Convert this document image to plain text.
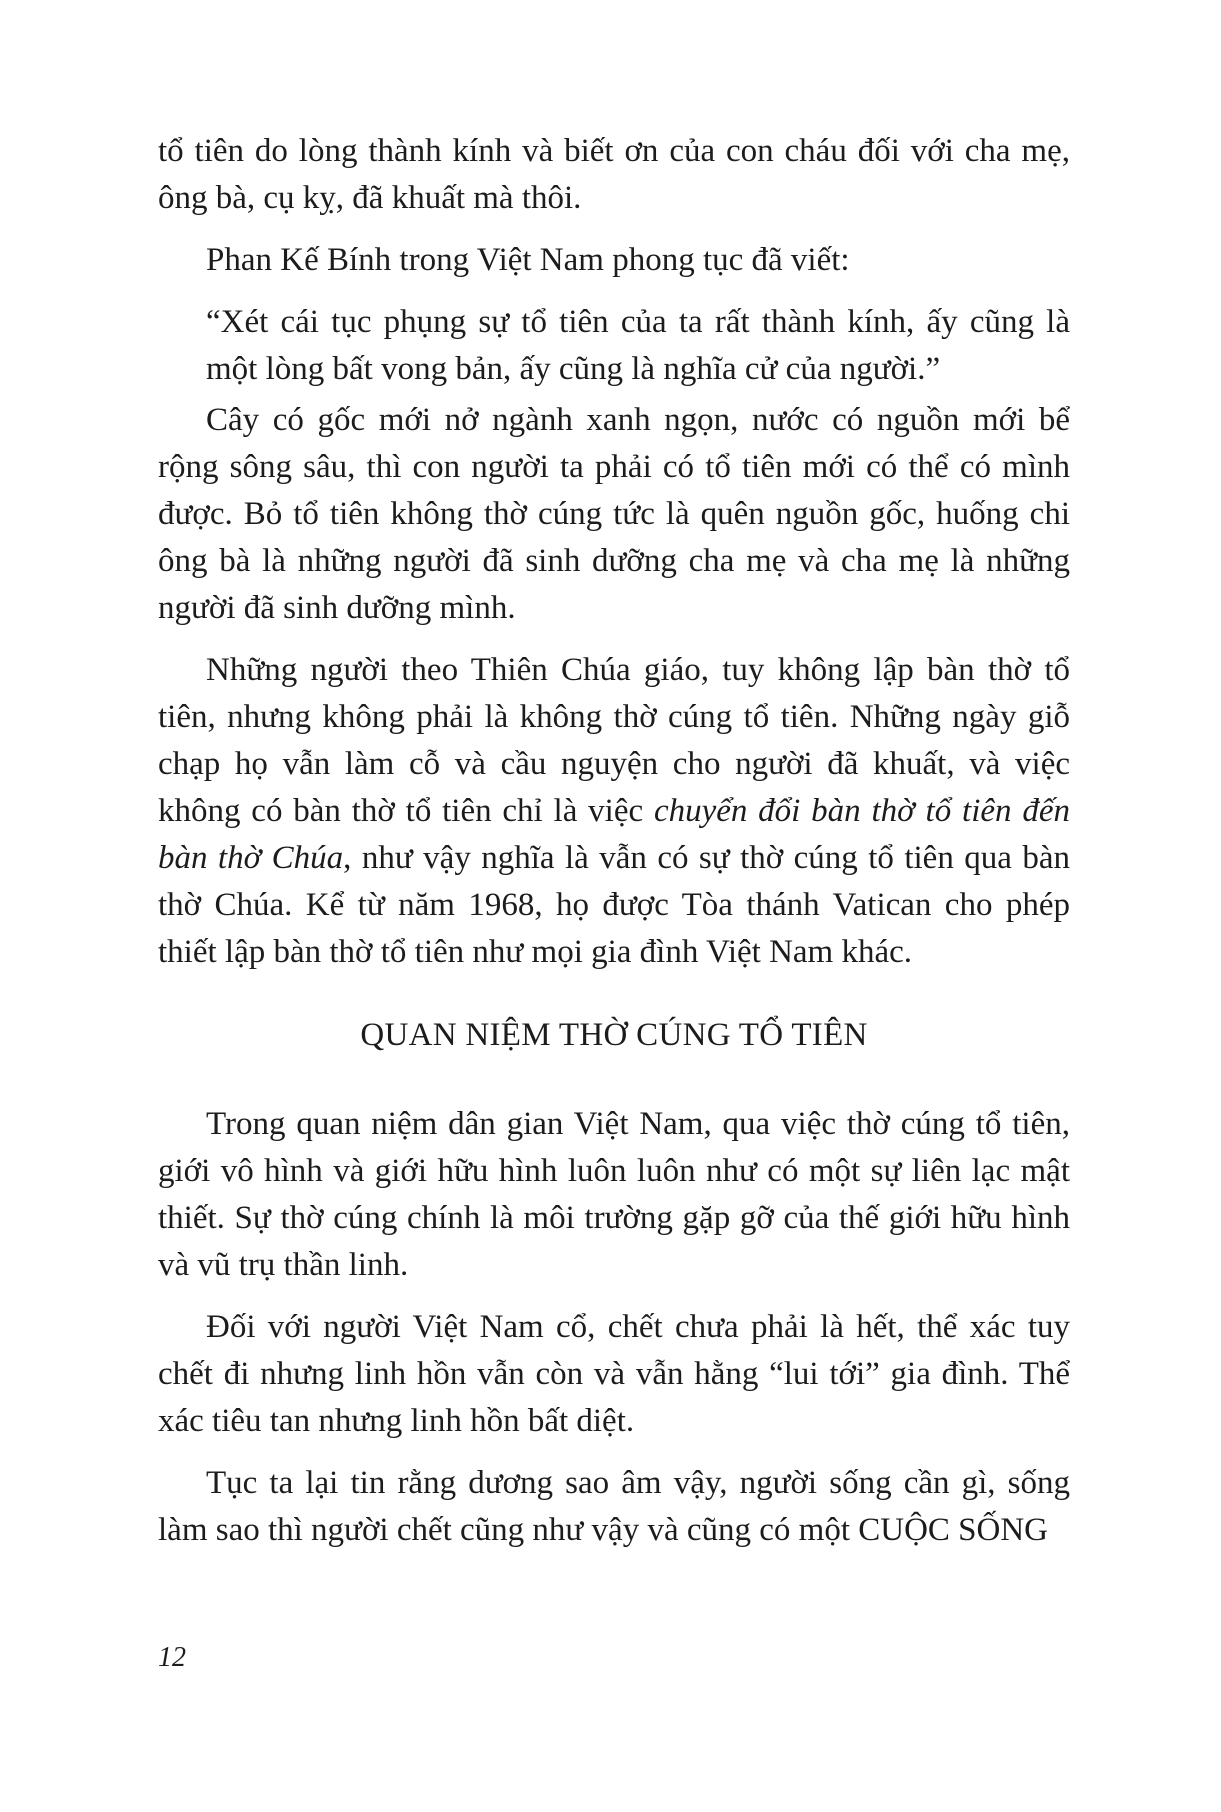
tổ tiên do lòng thành kính và biết ơn của con cháu đối với cha mẹ, ông bà, cụ kỵ, đã khuất mà thôi.

Phan Kế Bính trong Việt Nam phong tục đã viết:

“Xét cái tục phụng sự tổ tiên của ta rất thành kính, ấy cũng là một lòng bất vong bản, ấy cũng là nghĩa cử của người.”

Cây có gốc mới nở ngành xanh ngọn, nước có nguồn mới bể rộng sông sâu, thì con người ta phải có tổ tiên mới có thể có mình được. Bỏ tổ tiên không thờ cúng tức là quên nguồn gốc, huống chi ông bà là những người đã sinh dưỡng cha mẹ và cha mẹ là những người đã sinh dưỡng mình.

Những người theo Thiên Chúa giáo, tuy không lập bàn thờ tổ tiên, nhưng không phải là không thờ cúng tổ tiên. Những ngày giỗ chạp họ vẫn làm cỗ và cầu nguyện cho người đã khuất, và việc không có bàn thờ tổ tiên chỉ là việc chuyển đổi bàn thờ tổ tiên đến bàn thờ Chúa, như vậy nghĩa là vẫn có sự thờ cúng tổ tiên qua bàn thờ Chúa. Kể từ năm 1968, họ được Tòa thánh Vatican cho phép thiết lập bàn thờ tổ tiên như mọi gia đình Việt Nam khác.

QUAN NIỆM THỜ CÚNG TỔ TIÊN

Trong quan niệm dân gian Việt Nam, qua việc thờ cúng tổ tiên, giới vô hình và giới hữu hình luôn luôn như có một sự liên lạc mật thiết. Sự thờ cúng chính là môi trường gặp gỡ của thế giới hữu hình và vũ trụ thần linh.

Đối với người Việt Nam cổ, chết chưa phải là hết, thể xác tuy chết đi nhưng linh hồn vẫn còn và vẫn hằng “lui tới” gia đình. Thể xác tiêu tan nhưng linh hồn bất diệt.

Tục ta lại tin rằng dương sao âm vậy, người sống cần gì, sống làm sao thì người chết cũng như vậy và cũng có một CUỘC SỐNG

12
